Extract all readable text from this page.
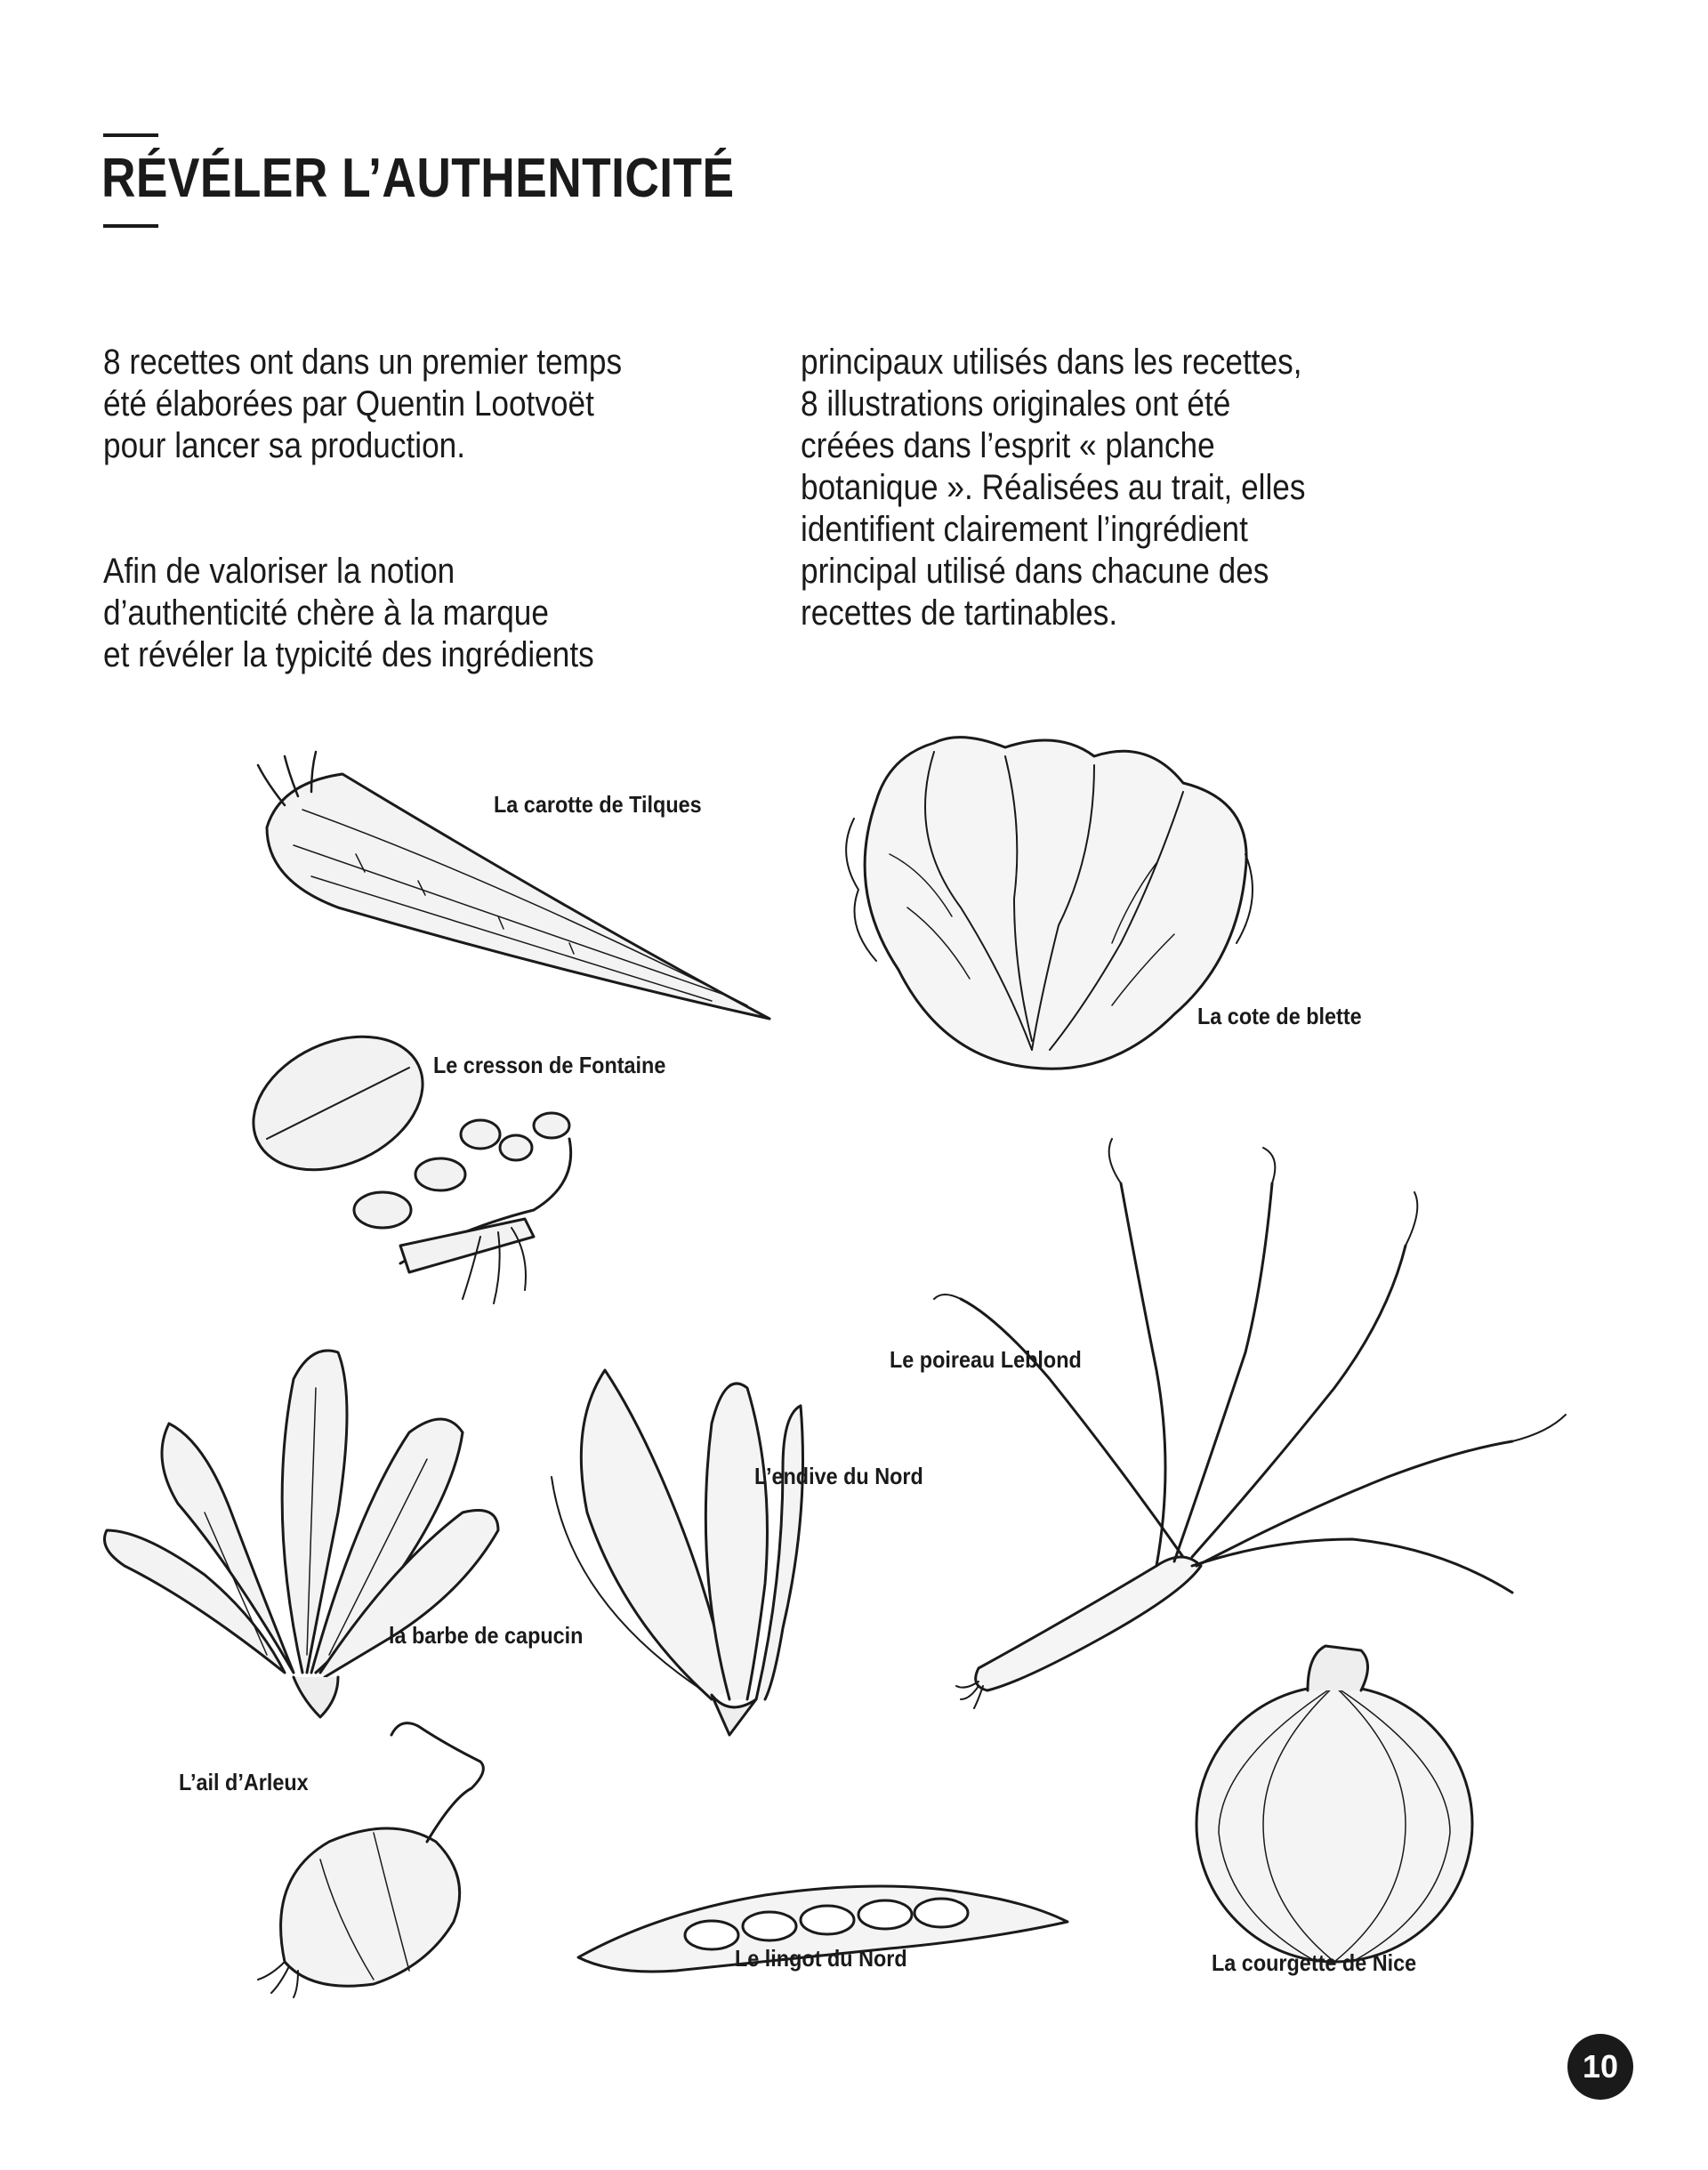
RÉVÉLER L’AUTHENTICITÉ

8 recettes ont dans un premier temps
été élaborées par Quentin Lootvoët
pour lancer sa production.

Afin de valoriser la notion
d’authenticité chère à la marque
et révéler la typicité des ingrédients

principaux utilisés dans les recettes,
8 illustrations originales ont été
créées dans l’esprit « planche
botanique ». Réalisées au trait, elles
identifient clairement l’ingrédient
principal utilisé dans chacune des
recettes de tartinables.

La carotte de Tilques
La cote de blette
Le cresson de Fontaine
Le poireau Leblond
L’endive du Nord
la barbe de capucin
L’ail d’Arleux
Le lingot du Nord	La courgette de Nice
10
